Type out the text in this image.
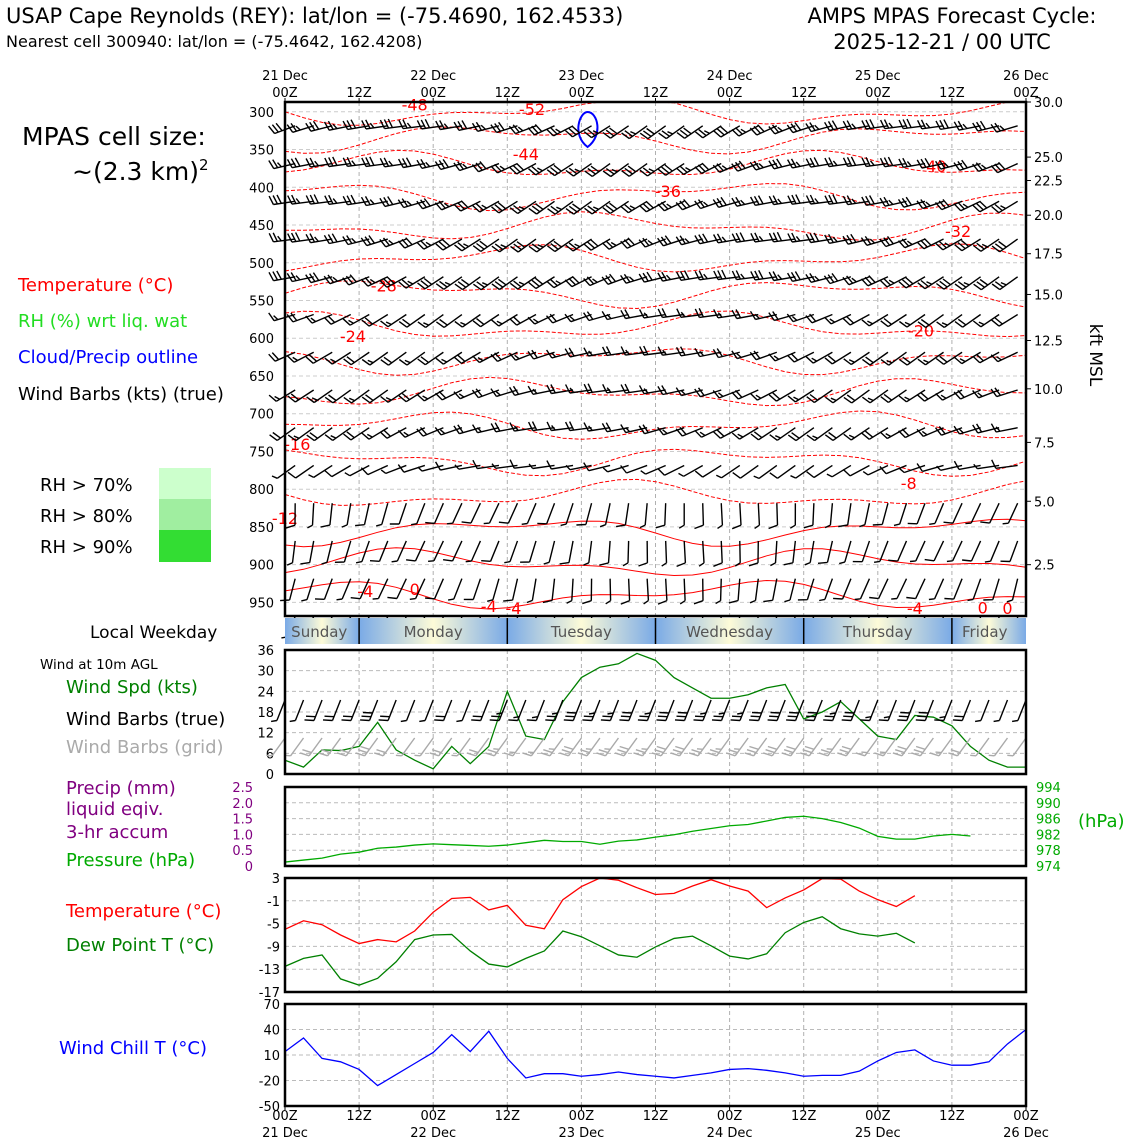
USAP Cape Reynolds (REY): lat/lon = (-75.4690, 162.4533)
Nearest cell 300940: lat/lon = (-75.4642, 162.4208)
AMPS MPAS Forecast Cycle:
2025-12-21 / 00 UTC
MPAS cell size:
~(2.3 km)$^2$
Temperature (°C)
RH (%) wrt liq. wat
Cloud/Precip outline
Wind Barbs (kts) (true)
RH > 70%
RH > 80%
RH > 90%
Local Weekday
Wind at 10m AGL
Wind Spd (kts)
Wind Barbs (true)
Wind Barbs (grid)
Precip (mm)
liquid eqiv.
3-hr accum
Pressure (hPa)
Temperature (°C)
Dew Point T (°C)
Wind Chill T (°C)
00Z	12Z	00Z	12Z	00Z	12Z	00Z	12Z	00Z	12Z	00Z
21 Dec	22 Dec	23 Dec	24 Dec	25 Dec	26 Dec
300
350
400
450
500
550
600
650
700
750
800
850
900
950
30.0
25.0
22.5
20.0
17.5
15.0
12.5
10.0
7.5
5.0
2.5
kft MSL
-48	-52
-44
-40
-36
-32
-28
-24	-20
-16
-12
-8
-4 0
-4 -4	-4	0 0
Sunday	Monday	Tuesday	Wednesday	Thursday	Friday
0
6
12
18
24
30
36
0
0.5
1.0
1.5
2.0
2.5
974
978
982
986
990
994
(hPa)
-17
-13
-9
-5
-1
3
-50
-20
10
40
70
00Z	12Z	00Z	12Z	00Z	12Z	00Z	12Z	00Z	12Z	00Z
21 Dec	22 Dec	23 Dec	24 Dec	25 Dec	26 Dec
